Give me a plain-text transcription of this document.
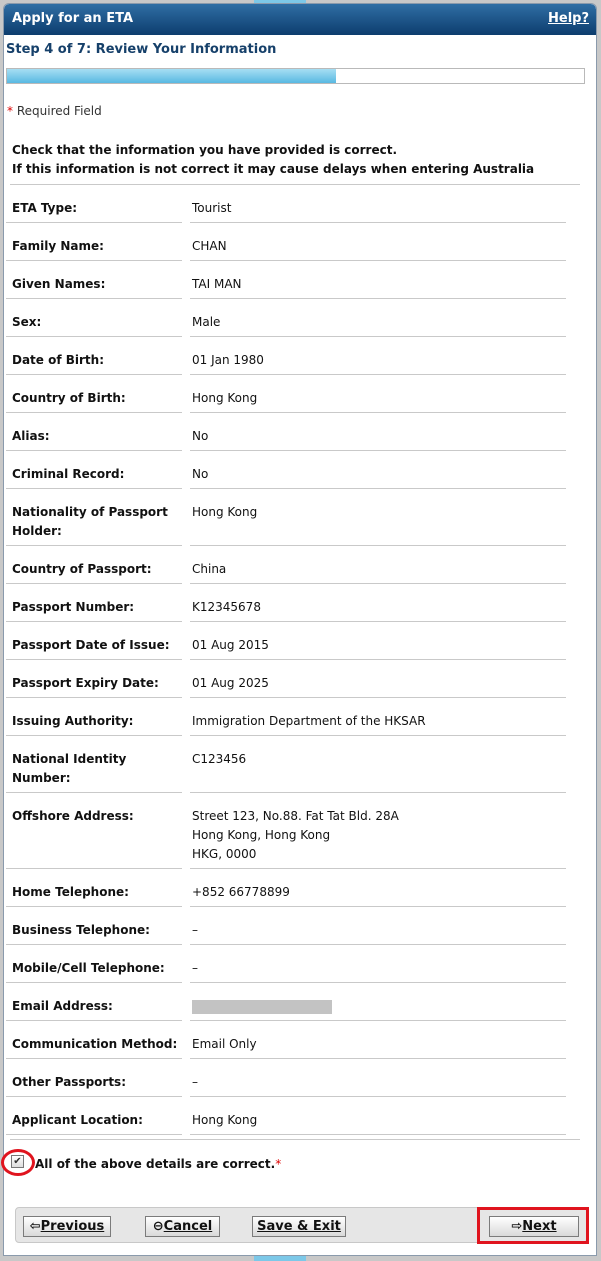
Apply for an ETA	Help?
Step 4 of 7: Review Your Information
* Required Field
Check that the information you have provided is correct.
If this information is not correct it may cause delays when entering Australia
ETA Type:	Tourist
Family Name:	CHAN
Given Names:	TAI MAN
Sex:	Male
Date of Birth:	01 Jan 1980
Country of Birth:	Hong Kong
Alias:	No
Criminal Record:	No
Nationality of Passport Holder:
Hong Kong
Country of Passport:	China
Passport Number:	K12345678
Passport Date of Issue:	01 Aug 2015
Passport Expiry Date:	01 Aug 2025
Issuing Authority:	Immigration Department of the HKSAR
National Identity Number:
C123456
Offshore Address:	Street 123, No.88. Fat Tat Bld. 28A
Hong Kong, Hong Kong
HKG, 0000
Home Telephone:	+852 66778899
Business Telephone:	–
Mobile/Cell Telephone:	–
Email Address:
Communication Method:	Email Only
Other Passports:	–
Applicant Location:	Hong Kong
✔ All of the above details are correct.*
⇦Previous	⊖Cancel	Save & Exit	⇨Next
